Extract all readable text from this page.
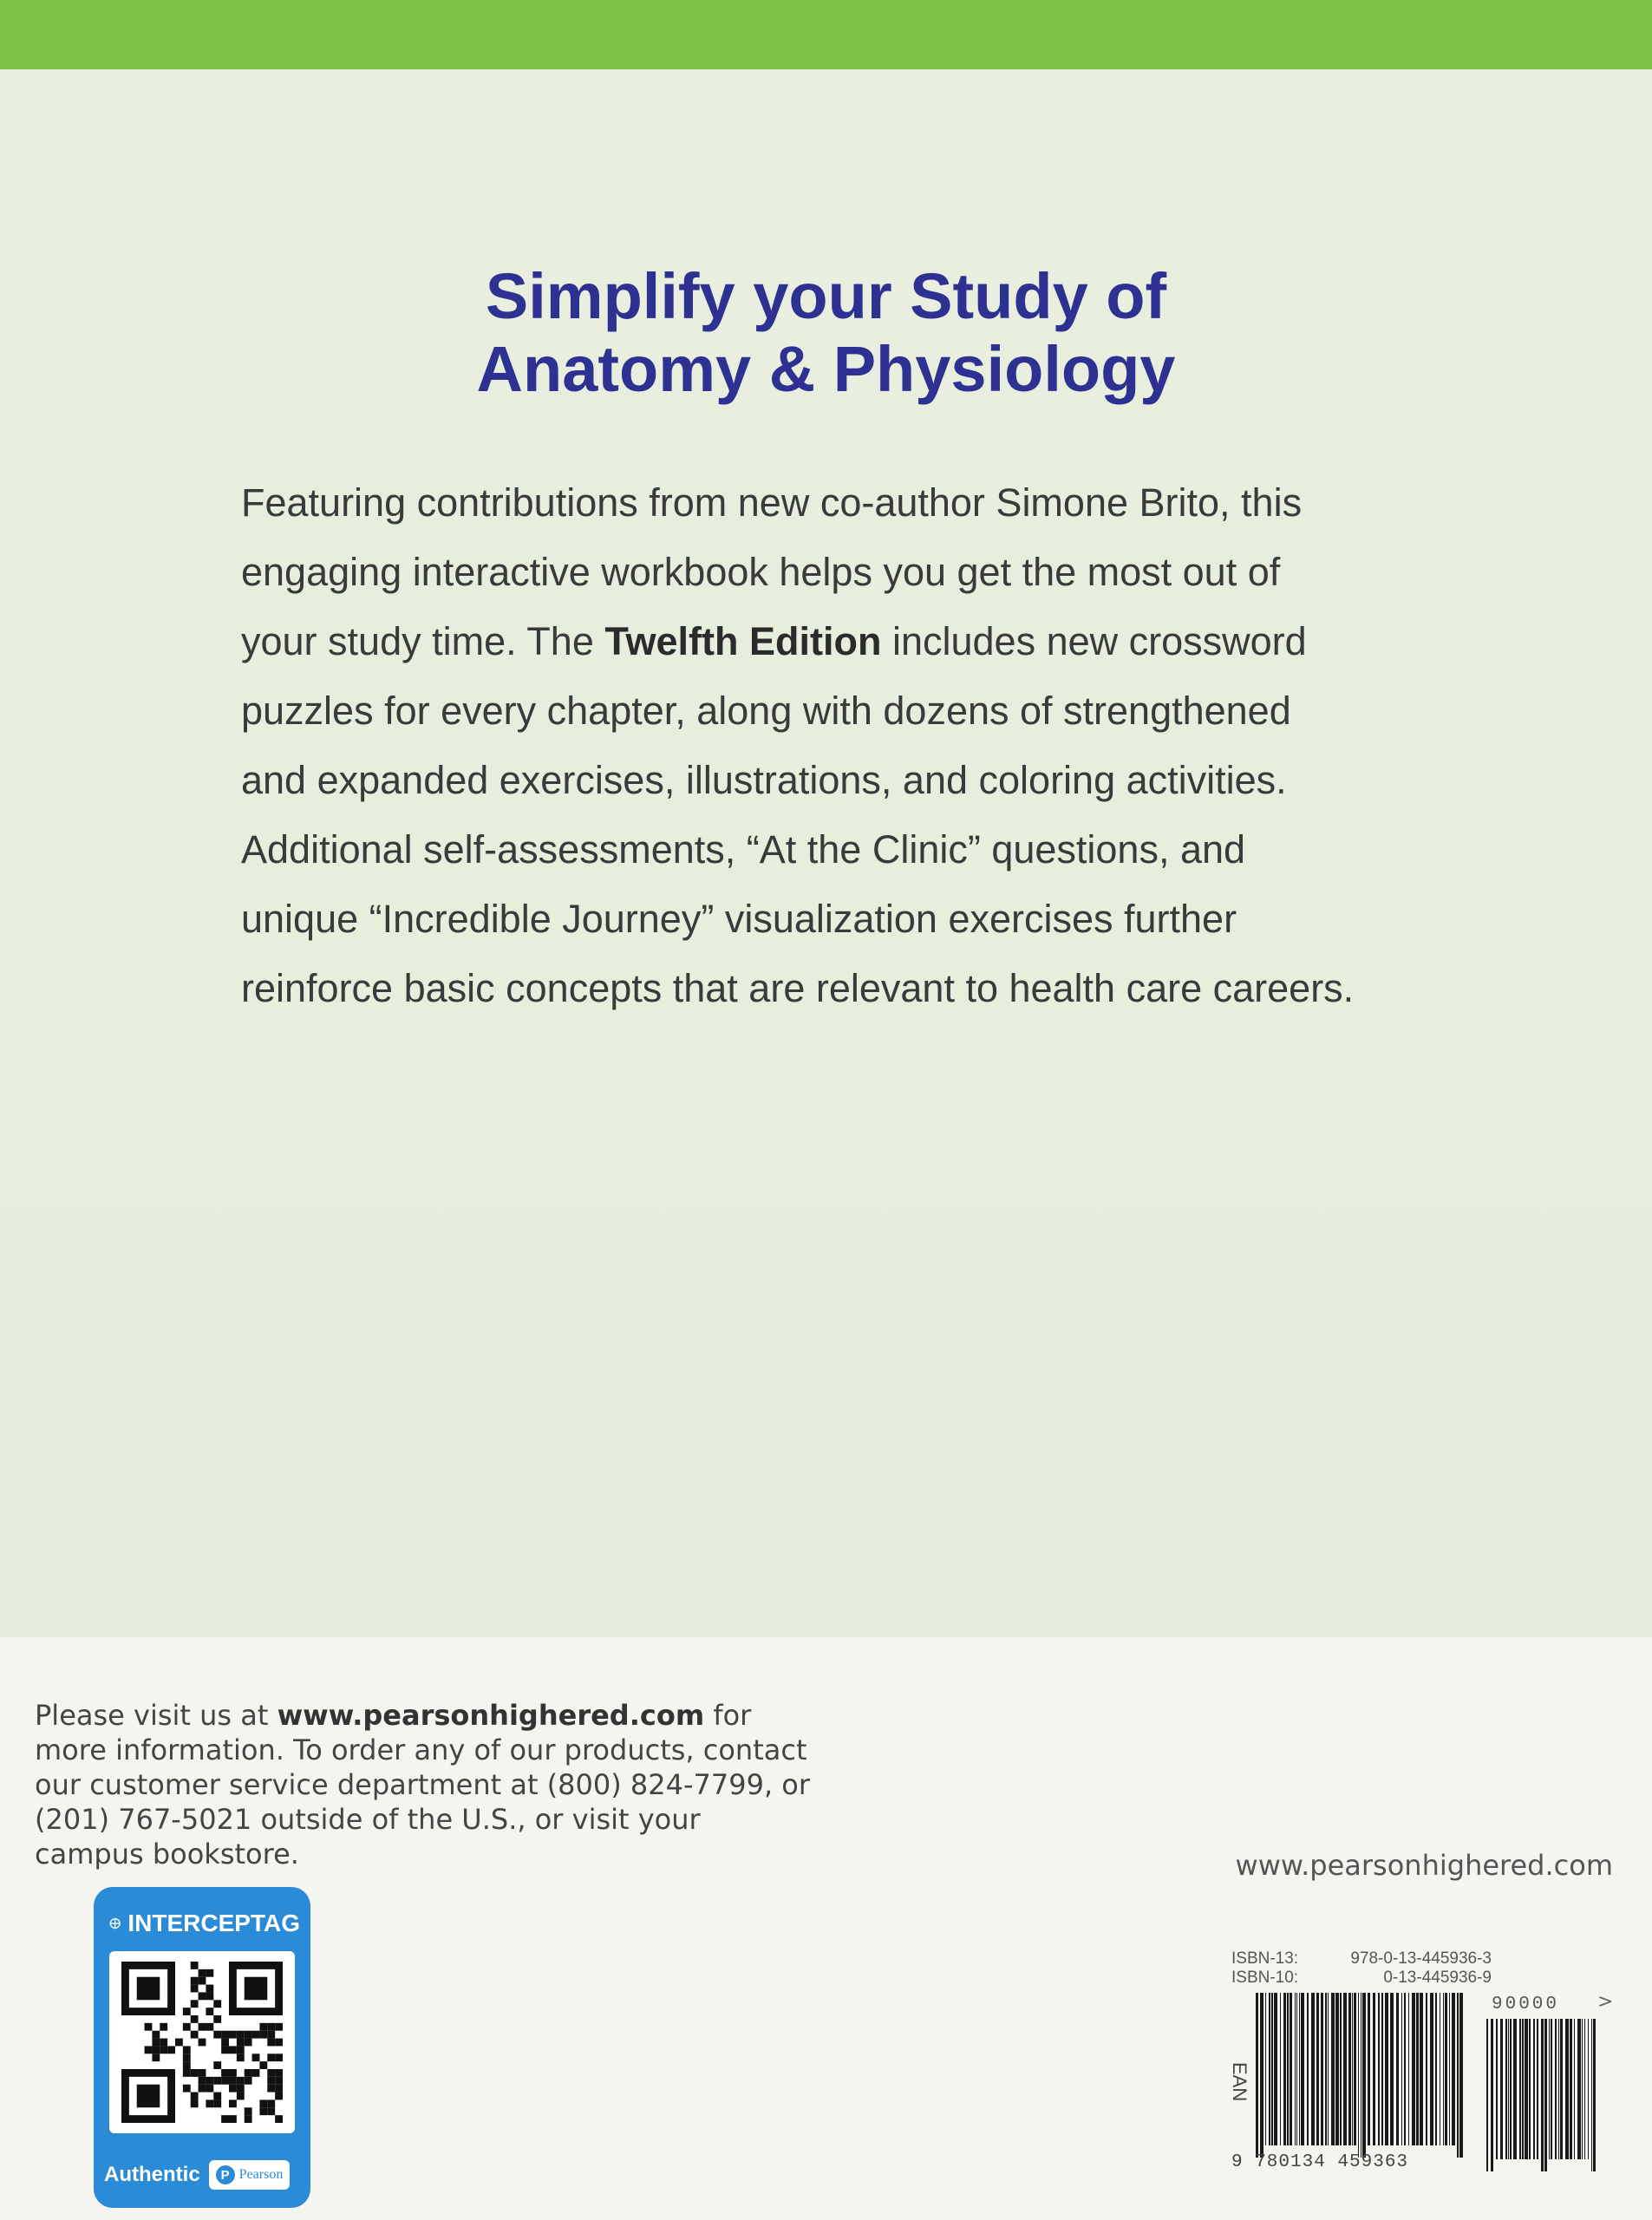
Simplify your Study of
Anatomy & Physiology
Featuring contributions from new co-author Simone Brito, this
engaging interactive workbook helps you get the most out of
your study time. The Twelfth Edition includes new crossword
puzzles for every chapter, along with dozens of strengthened
and expanded exercises, illustrations, and coloring activities.
Additional self-assessments, “At the Clinic” questions, and
unique “Incredible Journey” visualization exercises further
reinforce basic concepts that are relevant to health care careers.
Please visit us at www.pearsonhighered.com for more information. To order any of our products, contact our customer service department at (800) 824-7799, or (201) 767-5021 outside of the U.S., or visit your campus bookstore.	www.pearsonhighered.com
INTERCEPTAG
Authentic	P Pearson
ISBN-13:	978-0-13-445936-3
ISBN-10:	0-13-445936-9
EAN
9 780134 459363
90000	>
